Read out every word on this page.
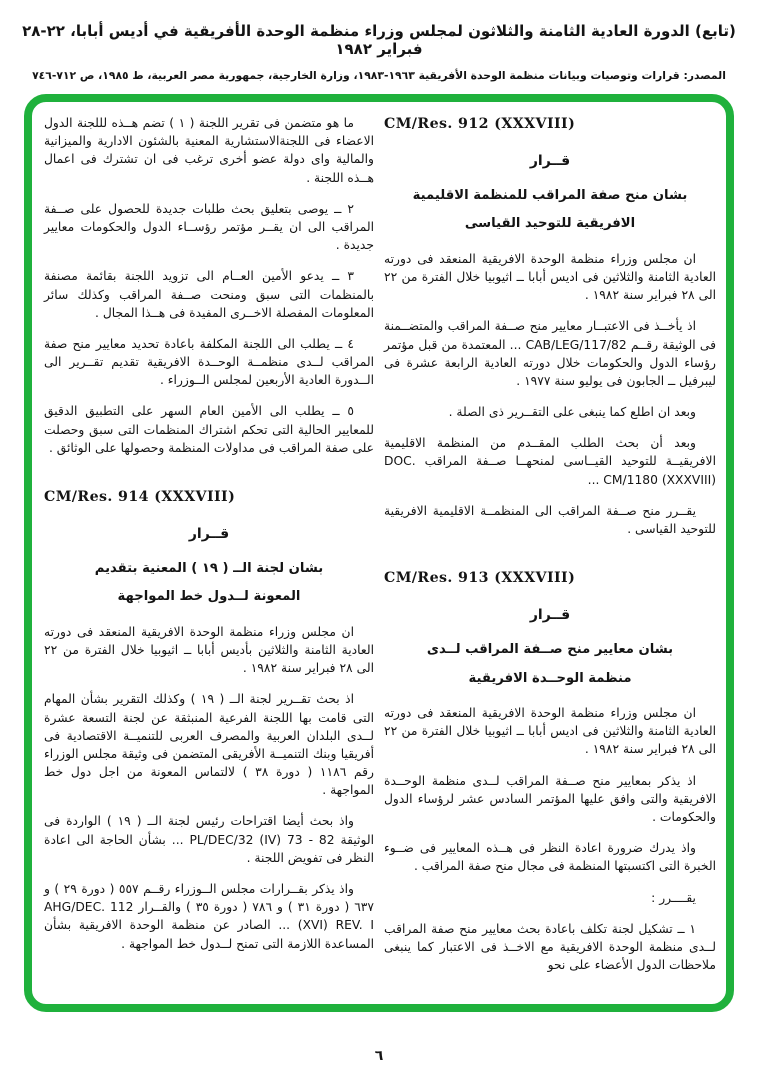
(تابع) الدورة العادية الثامنة والثلاثون لمجلس وزراء منظمة الوحدة الأفريقية في أديس أبابا، ٢٢-٢٨ فبراير ١٩٨٢
المصدر: قرارات وتوصيات وبيانات منظمة الوحدة الأفريقية ١٩٦٣-١٩٨٣، وزارة الخارجية، جمهورية مصر العربية، ط ١٩٨٥، ص ٧١٢-٧٤٦
CM/Res. 912 (XXXVIII)
قــرار
بشان منح صفة المراقب للمنظمة الاقليمية
الافريقية للتوحيد القياسى

ان مجلس وزراء منظمة الوحدة الافريقية المنعقد فى دورته العادية الثامنة والثلاثين فى اديس أبابا ــ اثيوبيا خلال الفترة من ٢٢ الى ٢٨ فبراير سنة ١٩٨٢ .

اذ يأخــذ فى الاعتبــار معايير منح صــفة المراقب والمتضــمنة فى الوثيقة رقــم CAB/LEG/117/82 ... المعتمدة من قبل مؤتمر رؤساء الدول والحكومات خلال دورته العادية الرابعة عشرة فى ليبرفيل ــ الجابون فى يوليو سنة ١٩٧٧ .

وبعد ان اطلع كما ينبغى على التقــرير ذى الصلة .

وبعد أن بحث الطلب المقــدم من المنظمة الاقليمية الافريقيــة للتوحيد القيــاسى لمنحهــا صــفة المراقب DOC. CM/1180 (XXXVIII) ...

يقــرر منح صــفة المراقب الى المنظمــة الاقليمية الافريقية للتوحيد القياسى .

CM/Res. 913 (XXXVIII)
قــرار
بشان معايير منح صــفة المراقب لــدى
منظمة الوحــدة الافريقية

ان مجلس وزراء منظمة الوحدة الافريقية المنعقد فى دورته العادية الثامنة والثلاثين فى اديس أبابا ــ اثيوبيا خلال الفترة من ٢٢ الى ٢٨ فبراير سنة ١٩٨٢ .

اذ يذكر بمعايير منح صــفة المراقب لــدى منظمة الوحــدة الافريقية والتى وافق عليها المؤتمر السادس عشر لرؤساء الدول والحكومات .

واذ يدرك ضرورة اعادة النظر فى هــذه المعايير فى ضــوء الخبرة التى اكتسبتها المنظمة فى مجال منح صفة المراقب .

يقــــرر :

١ ــ تشكيل لجنة تكلف باعادة بحث معايير منح صفة المراقب لــدى منظمة الوحدة الافريقية مع الاخــذ فى الاعتبار كما ينبغى ملاحظات الدول الأعضاء على نحو

ما هو متضمن فى تقرير اللجنة ( ١ ) تضم هــذه لللجنة الدول الاعضاء فى اللجنةالاستشارية المعنية بالشئون الادارية والميزانية والمالية واى دولة عضو أخرى ترغب فى ان تشترك فى اعمال هــذه اللجنة .

٢ ــ يوصى بتعليق بحث طلبات جديدة للحصول على صــفة المراقب الى ان يقــر مؤتمر رؤســاء الدول والحكومات معايير جديدة .

٣ ــ يدعو الأمين العــام الى تزويد اللجنة بقائمة مصنفة بالمنظمات التى سبق ومنحت صــفة المراقب وكذلك سائر المعلومات المفصلة الاخــرى المفيدة فى هــذا المجال .

٤ ــ يطلب الى اللجنة المكلفة باعادة تحديد معايير منح صفة المراقب لــدى منظمــة الوحــدة الافريقية تقديم تقــرير الى الــدورة العادية الأربعين لمجلس الــوزراء .

٥ ــ يطلب الى الأمين العام السهر على التطبيق الدقيق للمعايير الحالية التى تحكم اشتراك المنظمات التى سبق وحصلت على صفة المراقب فى مداولات المنظمة وحصولها على الوثائق .

CM/Res. 914 (XXXVIII)
قــرار
بشان لجنة الــ ( ١٩ ) المعنية بتقديم
المعونة لــدول خط المواجهة

ان مجلس وزراء منظمة الوحدة الافريقية المنعقد فى دورته العادية الثامنة والثلاثين بأديس أبابا ــ اثيوبيا خلال الفترة من ٢٢ الى ٢٨ فبراير سنة ١٩٨٢ .

اذ بحث تقــرير لجنة الــ ( ١٩ ) وكذلك التقرير بشأن المهام التى قامت بها اللجنة الفرعية المنبثقة عن لجنة التسعة عشرة لــدى البلدان العربية والمصرف العربى للتنميــة الاقتصادية فى أفريقيا وبنك التنميــة الأفريقى المتضمن فى وثيقة مجلس الوزراء رقم ١١٨٦ ( دورة ٣٨ ) لالتماس المعونة من اجل دول خط المواجهة .

واذ بحث أيضا اقتراحات رئيس لجنة الــ ( ١٩ ) الواردة فى الوثيقة PL/DEC/32 (IV) 73 - 82 ... بشأن الحاجة الى اعادة النظر فى تفويض اللجنة .

واذ يذكر بقــرارات مجلس الــوزراء رقــم ٥٥٧ ( دورة ٢٩ ) و ٦٣٧ ( دورة ٣١ ) و ٧٨٦ ( دورة ٣٥ ) والقــرار AHG/DEC. 112 (XVI) REV. I ... الصادر عن منظمة الوحدة الافريقية بشأن المساعدة اللازمة التى تمنح لــدول خط المواجهة .

٦
